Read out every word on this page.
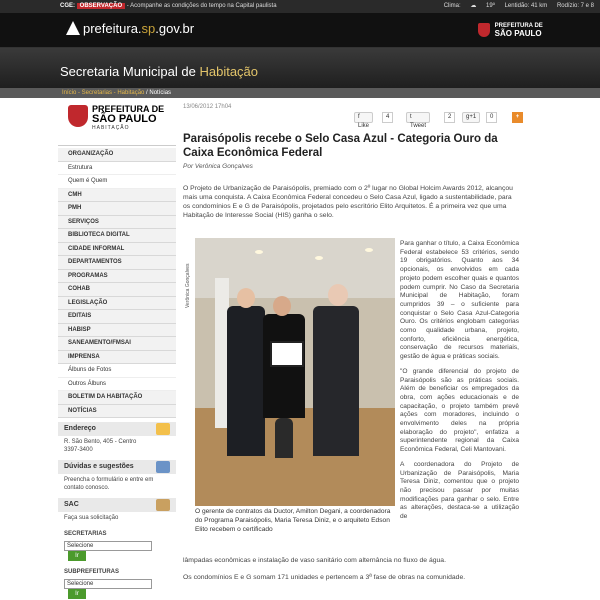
CGE: OBSERVAÇÃO - Acompanhe as condições do tempo na Capital paulista	Clima: ☁ 19º Lentidão: 41 km Rodízio: 7 e 8
prefeitura.sp.gov.br	PREFEITURA DE
SÃO PAULO
Secretaria Municipal de Habitação
Início - Secretarias - Habitação / Notícias
PREFEITURA DE
SÃO PAULO
HABITAÇÃO
ORGANIZAÇÃO
Estrutura
Quem é Quem
CMH
PMH
SERVIÇOS
BIBLIOTECA DIGITAL
CIDADE INFORMAL
DEPARTAMENTOS
PROGRAMAS
COHAB
LEGISLAÇÃO
EDITAIS
HABISP
SANEAMENTO/FMSAI
IMPRENSA
Álbuns de Fotos
Outros Álbuns
BOLETIM DA HABITAÇÃO
NOTÍCIAS
Endereço
R. São Bento, 405 - Centro
3397-3400
Dúvidas e sugestões
Preencha o formulário e entre em
contato conosco.
SAC
Faça sua solicitação
SECRETARIAS
SelecioneIr
SUBPREFEITURAS
SelecioneIr
13/06/2012 17h04
f Like
4	t Tweet
2	g+1	0	+
Paraisópolis recebe o Selo Casa Azul - Categoria Ouro da Caixa Econômica Federal
Por Verônica Gonçalves
O Projeto de Urbanização de Paraisópolis, premiado com o 2º lugar no Global Holcim Awards 2012, alcançou mais uma conquista. A Caixa Econômica Federal concedeu o Selo Casa Azul, ligado a sustentabilidade, para os condomínios E e G de Paraisópolis, projetados pelo escritório Elito Arquitetos. É a primeira vez que uma Habitação de Interesse Social (HIS) ganha o selo.
Verônica Gonçalves
O gerente de contratos da Ductor, Amilton Degani, a coordenadora do Programa Paraisópolis, Maria Teresa Diniz, e o arquiteto Edson Elito recebem o certificado

Para ganhar o título, a Caixa Econômica Federal estabelece 53 critérios, sendo 19 obrigatórios. Quanto aos 34 opcionais, os envolvidos em cada projeto podem escolher quais e quantos podem cumprir. No Caso da Secretaria Municipal de Habitação, foram cumpridos 39 – o suficiente para conquistar o Selo Casa Azul-Categoria Ouro. Os critérios englobam categorias como qualidade urbana, projeto, conforto, eficiência energética, conservação de recursos materiais, gestão de água e práticas sociais.

"O grande diferencial do projeto de Paraisópolis são as práticas sociais. Além de beneficiar os empregados da obra, com ações educacionais e de capacitação, o projeto também prevê ações com moradores, incluindo o envolvimento deles na própria elaboração do projeto", enfatiza a superintendente regional da Caixa Econômica Federal, Celi Mantovani.

A coordenadora do Projeto de Urbanização de Paraisópolis, Maria Teresa Diniz, comentou que o projeto não precisou passar por muitas modificações para ganhar o selo. Entre as alterações, destaca-se a utilização de

lâmpadas econômicas e instalação de vaso sanitário com alternância no fluxo de água.

Os condomínios E e G somam 171 unidades e pertencem a 3ª fase de obras na comunidade.
